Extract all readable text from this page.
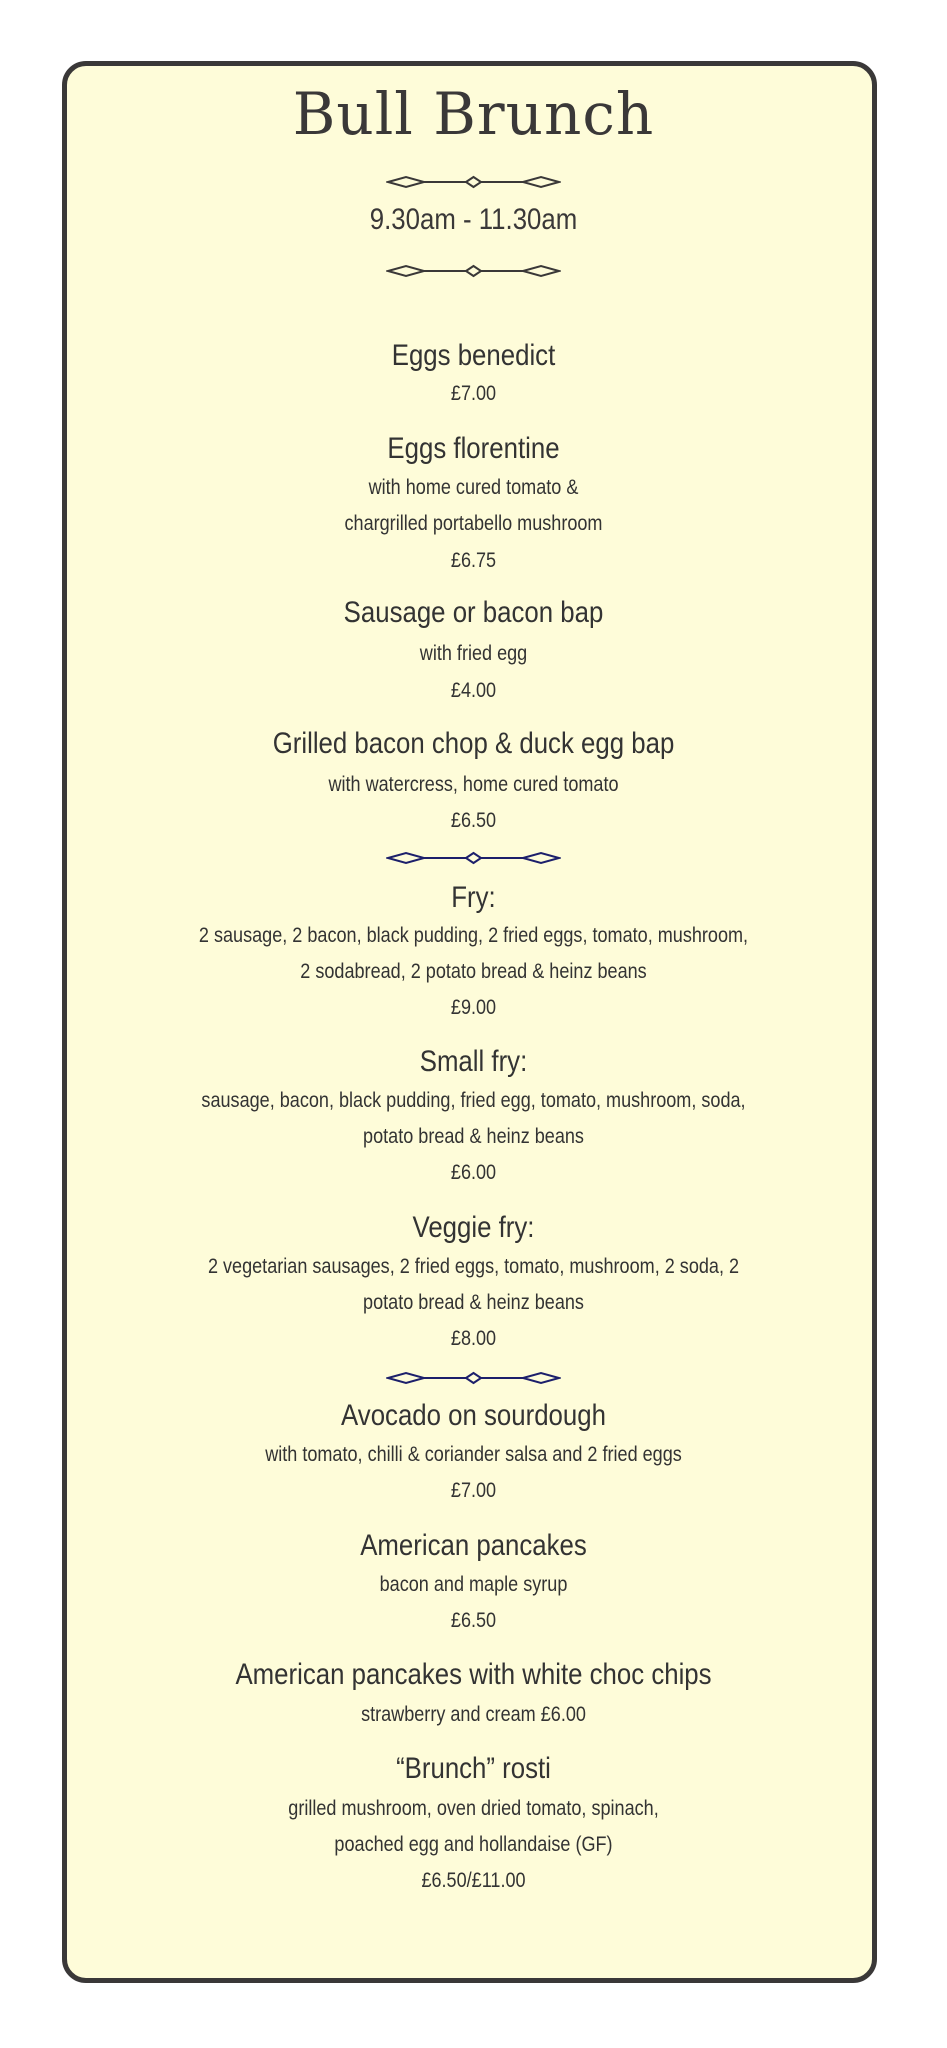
Bull Brunch
9.30am - 11.30am
Eggs benedict
£7.00
Eggs florentine
with home cured tomato &
chargrilled portabello mushroom
£6.75
Sausage or bacon bap
with fried egg
£4.00
Grilled bacon chop & duck egg bap
with watercress, home cured tomato
£6.50
Fry:
2 sausage, 2 bacon, black pudding, 2 fried eggs, tomato, mushroom,
2 sodabread, 2 potato bread & heinz beans
£9.00
Small fry:
sausage, bacon, black pudding, fried egg, tomato, mushroom, soda,
potato bread & heinz beans
£6.00
Veggie fry:
2 vegetarian sausages, 2 fried eggs, tomato, mushroom, 2 soda, 2
potato bread & heinz beans
£8.00
Avocado on sourdough
with tomato, chilli & coriander salsa and 2 fried eggs
£7.00
American pancakes
bacon and maple syrup
£6.50
American pancakes with white choc chips
strawberry and cream £6.00
“Brunch” rosti
grilled mushroom, oven dried tomato, spinach,
poached egg and hollandaise (GF)
£6.50/£11.00
